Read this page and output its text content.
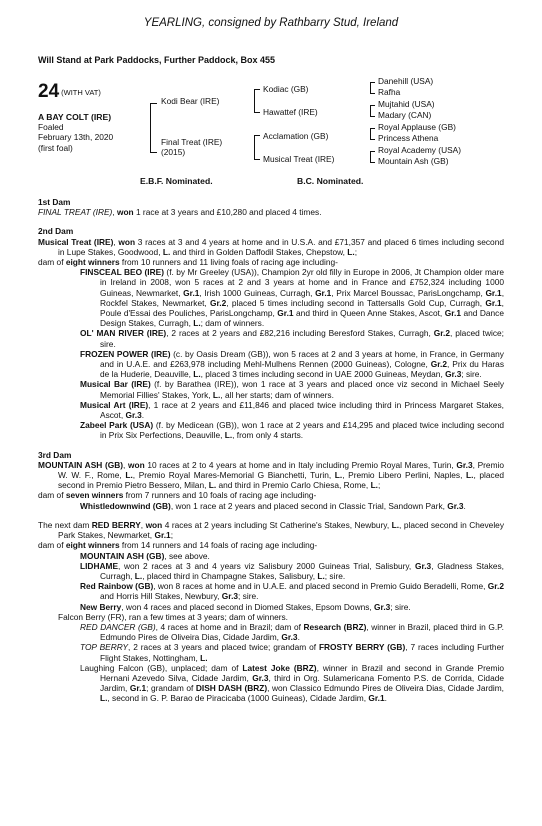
YEARLING, consigned by Rathbarry Stud, Ireland
Will Stand at Park Paddocks, Further Paddock, Box 455
24 (WITH VAT)
A BAY COLT (IRE)
Foaled
February 13th, 2020
(first foal)
Kodi Bear (IRE)
Final Treat (IRE)
(2015)
Kodiac (GB)
Hawattef (IRE)
Acclamation (GB)
Musical Treat (IRE)
Danehill (USA)
Rafha
Mujtahid (USA)
Madary (CAN)
Royal Applause (GB)
Princess Athena
Royal Academy (USA)
Mountain Ash (GB)
E.B.F. Nominated.	B.C. Nominated.
1st Dam

FINAL TREAT (IRE), won 1 race at 3 years and £10,280 and placed 4 times.

2nd Dam

Musical Treat (IRE), won 3 races at 3 and 4 years at home and in U.S.A. and £71,357 and placed 6 times including second in Lupe Stakes, Goodwood, L. and third in Golden Daffodil Stakes, Chepstow, L.;

dam of eight winners from 10 runners and 11 living foals of racing age including-

FINSCEAL BEO (IRE) (f. by Mr Greeley (USA)), Champion 2yr old filly in Europe in 2006, Jt Champion older mare in Ireland in 2008, won 5 races at 2 and 3 years at home and in France and £752,324 including 1000 Guineas, Newmarket, Gr.1, Irish 1000 Guineas, Curragh, Gr.1, Prix Marcel Boussac, ParisLongchamp, Gr.1, Rockfel Stakes, Newmarket, Gr.2, placed 5 times including second in Tattersalls Gold Cup, Curragh, Gr.1, Poule d'Essai des Pouliches, ParisLongchamp, Gr.1 and third in Queen Anne Stakes, Ascot, Gr.1 and Dance Design Stakes, Curragh, L.; dam of winners.

OL' MAN RIVER (IRE), 2 races at 2 years and £82,216 including Beresford Stakes, Curragh, Gr.2, placed twice; sire.

FROZEN POWER (IRE) (c. by Oasis Dream (GB)), won 5 races at 2 and 3 years at home, in France, in Germany and in U.A.E. and £263,978 including Mehl-Mulhens Rennen (2000 Guineas), Cologne, Gr.2, Prix du Haras de la Huderie, Deauville, L., placed 3 times including second in UAE 2000 Guineas, Meydan, Gr.3; sire.

Musical Bar (IRE) (f. by Barathea (IRE)), won 1 race at 3 years and placed once viz second in Michael Seely Memorial Fillies' Stakes, York, L., all her starts; dam of winners.

Musical Art (IRE), 1 race at 2 years and £11,846 and placed twice including third in Princess Margaret Stakes, Ascot, Gr.3.

Zabeel Park (USA) (f. by Medicean (GB)), won 1 race at 2 years and £14,295 and placed twice including second in Prix Six Perfections, Deauville, L., from only 4 starts.

3rd Dam

MOUNTAIN ASH (GB), won 10 races at 2 to 4 years at home and in Italy including Premio Royal Mares, Turin, Gr.3, Premio W. W. F., Rome, L., Premio Royal Mares-Memorial G Bianchetti, Turin, L., Premio Libero Perlini, Naples, L., placed second in Premio Pietro Bessero, Milan, L. and third in Premio Carlo Chiesa, Rome, L.;

dam of seven winners from 7 runners and 10 foals of racing age including-

Whistledownwind (GB), won 1 race at 2 years and placed second in Classic Trial, Sandown Park, Gr.3.

The next dam RED BERRY, won 4 races at 2 years including St Catherine's Stakes, Newbury, L., placed second in Cheveley Park Stakes, Newmarket, Gr.1;

dam of eight winners from 14 runners and 14 foals of racing age including-

MOUNTAIN ASH (GB), see above.

LIDHAME, won 2 races at 3 and 4 years viz Salisbury 2000 Guineas Trial, Salisbury, Gr.3, Gladness Stakes, Curragh, L., placed third in Champagne Stakes, Salisbury, L.; sire.

Red Rainbow (GB), won 8 races at home and in U.A.E. and placed second in Premio Guido Beradelli, Rome, Gr.2 and Horris Hill Stakes, Newbury, Gr.3; sire.

New Berry, won 4 races and placed second in Diomed Stakes, Epsom Downs, Gr.3; sire.

Falcon Berry (FR), ran a few times at 3 years; dam of winners.

RED DANCER (GB), 4 races at home and in Brazil; dam of Research (BRZ), winner in Brazil, placed third in G.P. Edmundo Pires de Oliveira Dias, Cidade Jardim, Gr.3.

TOP BERRY, 2 races at 3 years and placed twice; grandam of FROSTY BERRY (GB), 7 races including Further Flight Stakes, Nottingham, L.

Laughing Falcon (GB), unplaced; dam of Latest Joke (BRZ), winner in Brazil and second in Grande Premio Hernani Azevedo Silva, Cidade Jardim, Gr.3, third in Org. Sulamericana Fomento P.S. de Corrida, Cidade Jardim, Gr.1; grandam of DISH DASH (BRZ), won Classico Edmundo Pires de Oliveira Dias, Cidade Jardim, L., second in G. P. Barao de Piracicaba (1000 Guineas), Cidade Jardim, Gr.1.
